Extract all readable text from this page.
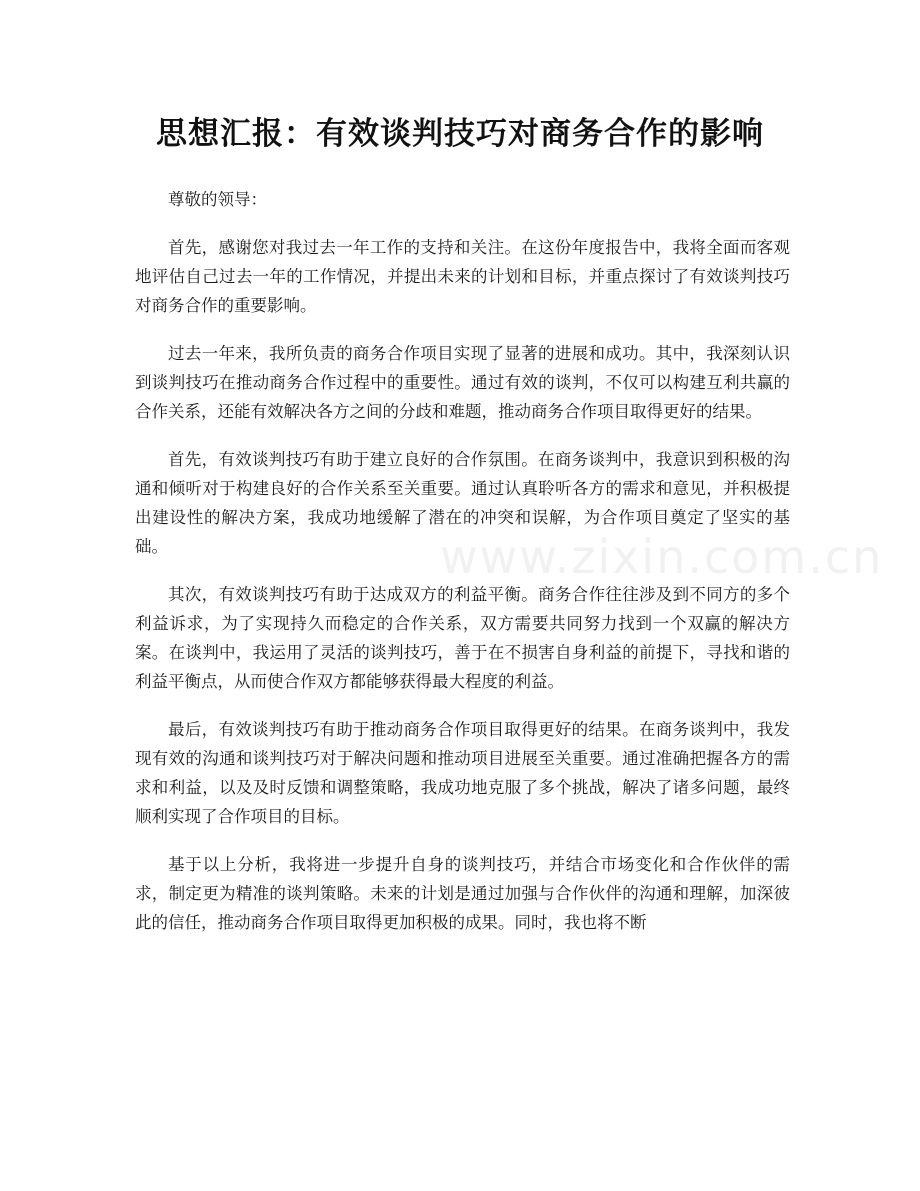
思想汇报：有效谈判技巧对商务合作的影响

尊敬的领导：

首先，感谢您对我过去一年工作的支持和关注。在这份年度报告中，我将全面而客观地评估自己过去一年的工作情况，并提出未来的计划和目标，并重点探讨了有效谈判技巧对商务合作的重要影响。

过去一年来，我所负责的商务合作项目实现了显著的进展和成功。其中，我深刻认识到谈判技巧在推动商务合作过程中的重要性。通过有效的谈判，不仅可以构建互利共赢的合作关系，还能有效解决各方之间的分歧和难题，推动商务合作项目取得更好的结果。

首先，有效谈判技巧有助于建立良好的合作氛围。在商务谈判中，我意识到积极的沟通和倾听对于构建良好的合作关系至关重要。通过认真聆听各方的需求和意见，并积极提出建设性的解决方案，我成功地缓解了潜在的冲突和误解，为合作项目奠定了坚实的基础。

其次，有效谈判技巧有助于达成双方的利益平衡。商务合作往往涉及到不同方的多个利益诉求，为了实现持久而稳定的合作关系，双方需要共同努力找到一个双赢的解决方案。在谈判中，我运用了灵活的谈判技巧，善于在不损害自身利益的前提下，寻找和谐的利益平衡点，从而使合作双方都能够获得最大程度的利益。

最后，有效谈判技巧有助于推动商务合作项目取得更好的结果。在商务谈判中，我发现有效的沟通和谈判技巧对于解决问题和推动项目进展至关重要。通过准确把握各方的需求和利益，以及及时反馈和调整策略，我成功地克服了多个挑战，解决了诸多问题，最终顺利实现了合作项目的目标。

基于以上分析，我将进一步提升自身的谈判技巧，并结合市场变化和合作伙伴的需求，制定更为精准的谈判策略。未来的计划是通过加强与合作伙伴的沟通和理解，加深彼此的信任，推动商务合作项目取得更加积极的成果。同时，我也将不断

www.zixin.com.cn
